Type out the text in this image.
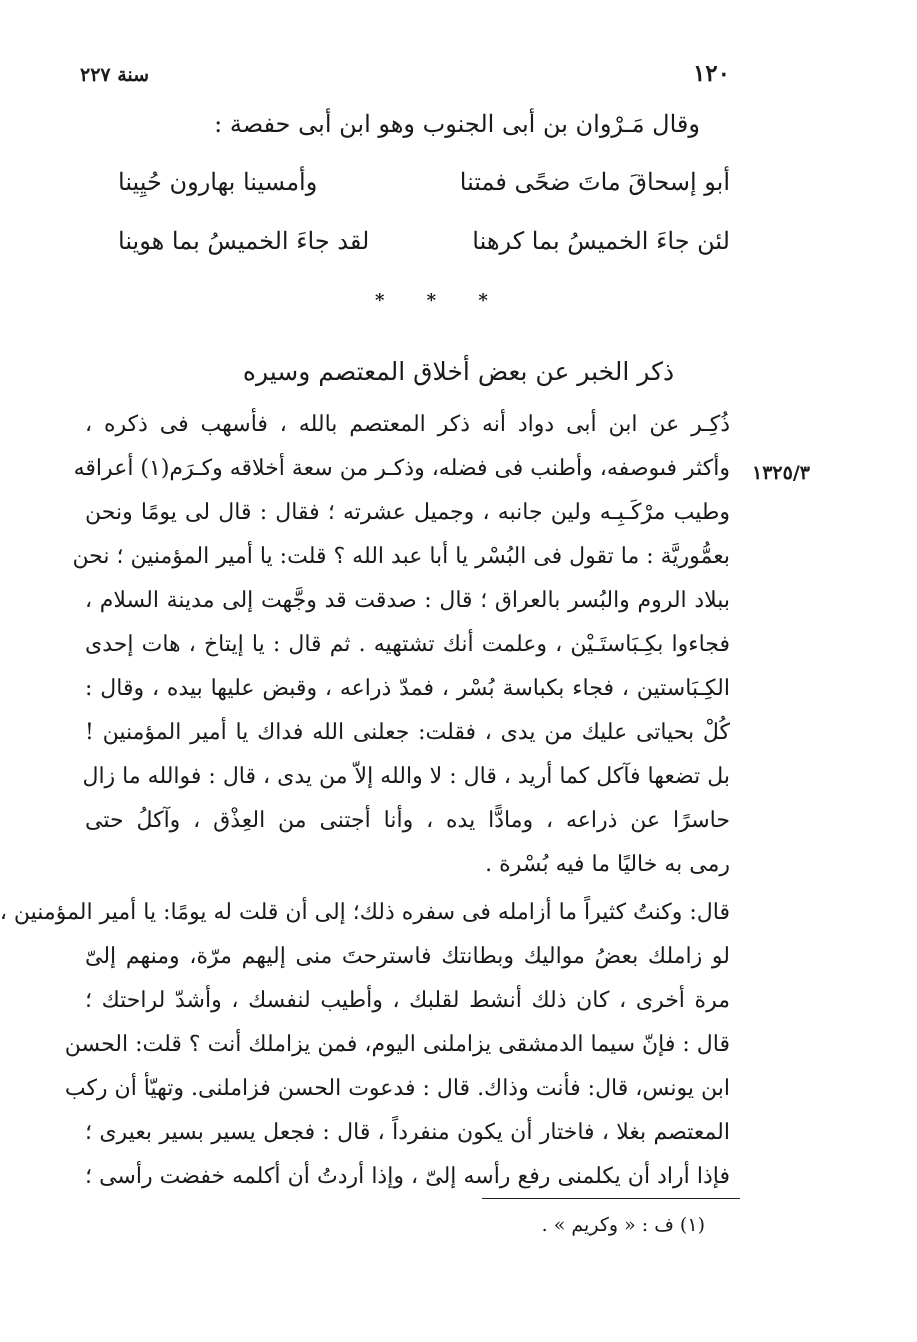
١٢٠
سنة ٢٢٧
وقال مَـرْوان بن أبى الجنوب وهو ابن أبى حفصة :
أبو إسحاقَ ماتَ ضحًى فمتنا
وأمسينا بهارون حُيِينا
لئن جاءَ الخميسُ بما كرهنا
لقد جاءَ الخميسُ بما هوينا
* * *
ذكر الخبر عن بعض أخلاق المعتصم وسيره
١٣٢٥/٣
ذُكِـر عن ابن أبى دواد أنه ذكر المعتصم بالله ، فأسهب فى ذكره ،
وأكثر فىوصفه، وأطنب فى فضله، وذكـر من سعة أخلاقه وكـرَم(١) أعراقه
وطيب مرْكَـبِـه ولين جانبه ، وجميل عشرته ؛ فقال : قال لى يومًا ونحن
بعمُّوريَّة : ما تقول فى البُسْر يا أبا عبد الله ؟ قلت: يا أمير المؤمنين ؛ نحن
ببلاد الروم والبُسر بالعراق ؛ قال : صدقت قد وجَّهت إلى مدينة السلام ،
فجاءوا بكِـبَاستَـيْن ، وعلمت أنك تشتهيه . ثم قال : يا إيتاخ ، هات إحدى
الكِـبَاستين ، فجاء بكباسة بُسْر ، فمدّ ذراعه ، وقبض عليها بيده ، وقال :
كُلْ بحياتى عليك من يدى ، فقلت: جعلنى الله فداك يا أمير المؤمنين !
بل تضعها فآكل كما أريد ، قال : لا والله إلاّ من يدى ، قال : فوالله ما زال
حاسرًا عن ذراعه ، ومادًّا يده ، وأنا أجتنى من العِذْق ، وآكلُ حتى
رمى به خاليًا ما فيه بُسْرة .
قال: وكنتُ كثيراً ما أزامله فى سفره ذلك؛ إلى أن قلت له يومًا: يا أمير المؤمنين ،
لو زاملك بعضُ مواليك وبطانتك فاسترحتَ منى إليهم مرّة، ومنهم إلىّ
مرة أخرى ، كان ذلك أنشط لقلبك ، وأطيب لنفسك ، وأشدّ لراحتك ؛
قال : فإنّ سيما الدمشقى يزاملنى اليوم، فمن يزاملك أنت ؟ قلت: الحسن
ابن يونس، قال: فأنت وذاك. قال : فدعوت الحسن فزاملنى. وتهيّأ أن ركب
المعتصم بغلا ، فاختار أن يكون منفرداً ، قال : فجعل يسير بسير بعيرى ؛
فإذا أراد أن يكلمنى رفع رأسه إلىّ ، وإذا أردتُ أن أكلمه خفضت رأسى ؛
(١) ف : « وكريم » .
